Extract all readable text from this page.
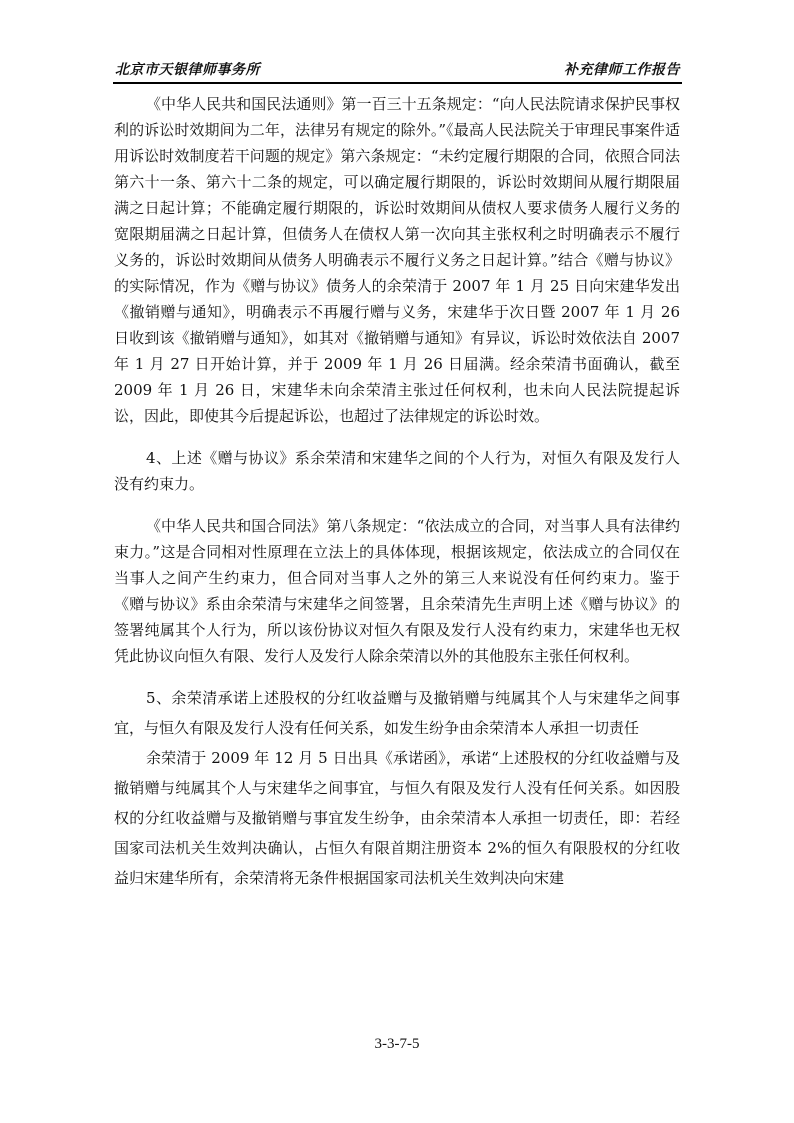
北京市天银律师事务所	补充律师工作报告

《中华人民共和国民法通则》第一百三十五条规定：“向人民法院请求保护民事权利的诉讼时效期间为二年，法律另有规定的除外。”《最高人民法院关于审理民事案件适用诉讼时效制度若干问题的规定》第六条规定：“未约定履行期限的合同，依照合同法第六十一条、第六十二条的规定，可以确定履行期限的，诉讼时效期间从履行期限届满之日起计算；不能确定履行期限的，诉讼时效期间从债权人要求债务人履行义务的宽限期届满之日起计算，但债务人在债权人第一次向其主张权利之时明确表示不履行义务的，诉讼时效期间从债务人明确表示不履行义务之日起计算。”结合《赠与协议》的实际情况，作为《赠与协议》债务人的余荣清于 2007 年 1 月 25 日向宋建华发出《撤销赠与通知》，明确表示不再履行赠与义务，宋建华于次日暨 2007 年 1 月 26 日收到该《撤销赠与通知》，如其对《撤销赠与通知》有异议，诉讼时效依法自 2007 年 1 月 27 日开始计算，并于 2009 年 1 月 26 日届满。经余荣清书面确认，截至 2009 年 1 月 26 日，宋建华未向余荣清主张过任何权利，也未向人民法院提起诉讼，因此，即使其今后提起诉讼，也超过了法律规定的诉讼时效。

4、上述《赠与协议》系余荣清和宋建华之间的个人行为，对恒久有限及发行人没有约束力。

《中华人民共和国合同法》第八条规定：“依法成立的合同，对当事人具有法律约束力。”这是合同相对性原理在立法上的具体体现，根据该规定，依法成立的合同仅在当事人之间产生约束力，但合同对当事人之外的第三人来说没有任何约束力。鉴于《赠与协议》系由余荣清与宋建华之间签署，且余荣清先生声明上述《赠与协议》的签署纯属其个人行为，所以该份协议对恒久有限及发行人没有约束力，宋建华也无权凭此协议向恒久有限、发行人及发行人除余荣清以外的其他股东主张任何权利。

5、余荣清承诺上述股权的分红收益赠与及撤销赠与纯属其个人与宋建华之间事宜，与恒久有限及发行人没有任何关系，如发生纷争由余荣清本人承担一切责任

余荣清于 2009 年 12 月 5 日出具《承诺函》，承诺“上述股权的分红收益赠与及撤销赠与纯属其个人与宋建华之间事宜，与恒久有限及发行人没有任何关系。如因股权的分红收益赠与及撤销赠与事宜发生纷争，由余荣清本人承担一切责任，即：若经国家司法机关生效判决确认，占恒久有限首期注册资本 2%的恒久有限股权的分红收益归宋建华所有，余荣清将无条件根据国家司法机关生效判决向宋建

3-3-7-5
